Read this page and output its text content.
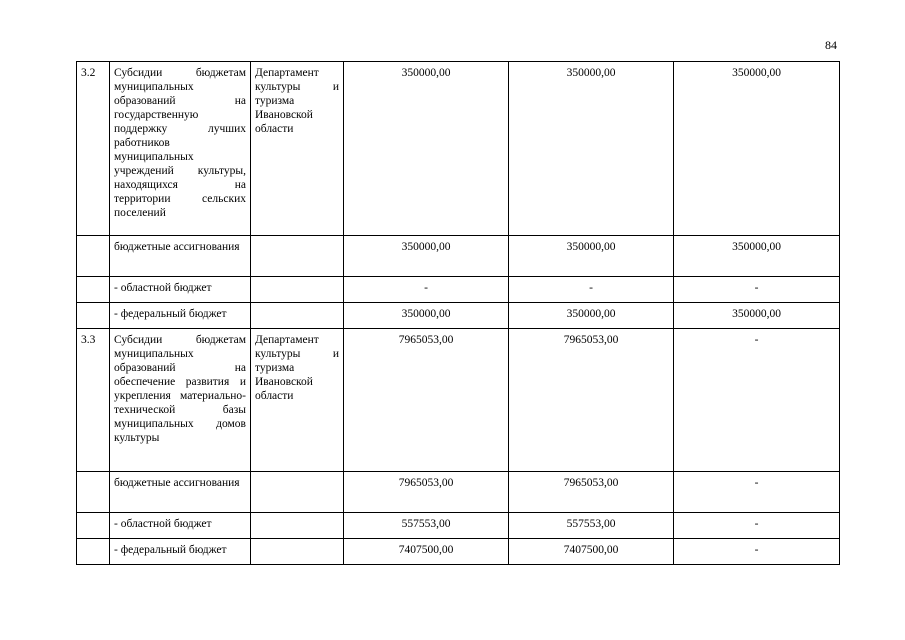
84
3.2	Субсидии бюджетам муниципальных образований на государственную поддержку лучших работников муниципальных учреждений культуры, находящихся на территории сельских поселений	Департамент культуры и туризма Ивановской области	350000,00	350000,00	350000,00
	бюджетные ассигнования		350000,00	350000,00	350000,00
	- областной бюджет		-	-	-
	- федеральный бюджет		350000,00	350000,00	350000,00
3.3	Субсидии бюджетам муниципальных образований на обеспечение развития и укрепления материально-технической базы муниципальных домов культуры	Департамент культуры и туризма Ивановской области	7965053,00	7965053,00	-
	бюджетные ассигнования		7965053,00	7965053,00	-
	- областной бюджет		557553,00	557553,00	-
	- федеральный бюджет		7407500,00	7407500,00	-
